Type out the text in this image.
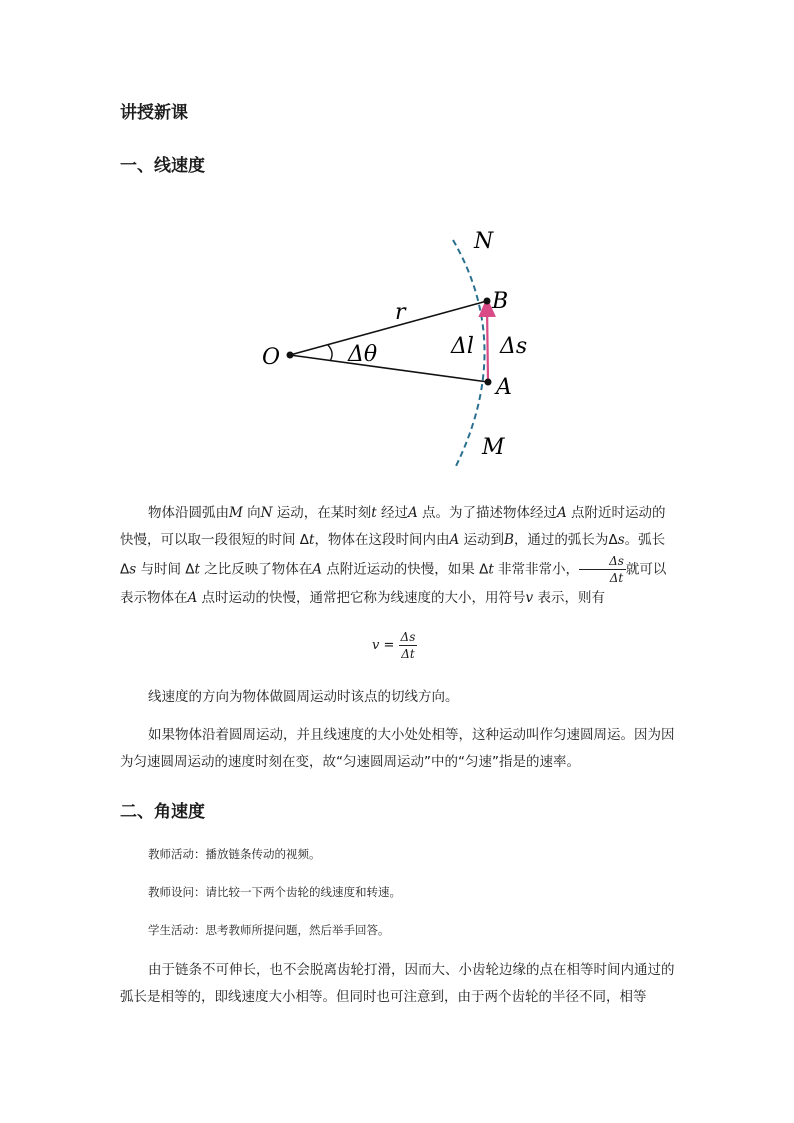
讲授新课
一、线速度
N
B
r
Δl Δs
O	Δθ
A
M
物体沿圆弧由M 向N 运动，在某时刻t 经过A 点。为了描述物体经过A 点附近时运动的快慢，可以取一段很短的时间 Δt，物体在这段时间内由A 运动到B，通过的弧长为Δs。弧长 Δs 与时间 Δt 之比反映了物体在A 点附近运动的快慢，如果 Δt 非常非常小， $\frac{\Delta s}{\Delta t}$ 就可以表示物体在A 点时运动的快慢，通常把它称为线速度的大小，用符号v 表示，则有
$v = \frac{\Delta s}{\Delta t}$
线速度的方向为物体做圆周运动时该点的切线方向。
如果物体沿着圆周运动，并且线速度的大小处处相等，这种运动叫作匀速圆周运。因为因为匀速圆周运动的速度时刻在变，故“匀速圆周运动”中的“匀速”指是的速率。
二、角速度
教师活动：播放链条传动的视频。
教师设问：请比较一下两个齿轮的线速度和转速。
学生活动：思考教师所提问题，然后举手回答。
由于链条不可伸长，也不会脱离齿轮打滑，因而大、小齿轮边缘的点在相等时间内通过的弧长是相等的，即线速度大小相等。但同时也可注意到，由于两个齿轮的半径不同，相等
